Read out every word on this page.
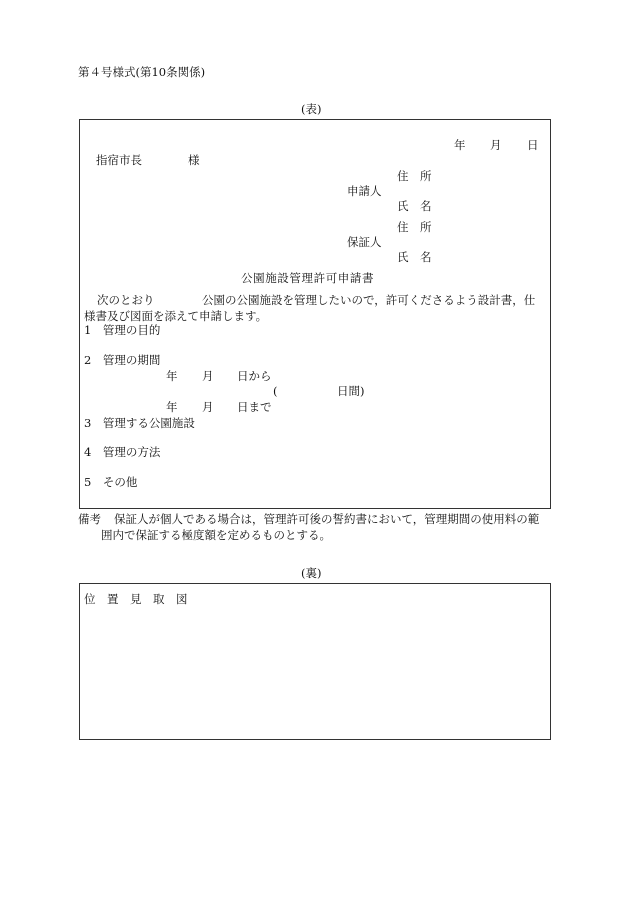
第４号様式(第10条関係)
(表)
年 月 日
指宿市長	様
住　所
申請人
氏　名
住　所
保証人
氏　名
公園施設管理許可申請書
次のとおり	公園の公園施設を管理したいので，許可くださるよう設計書，仕
様書及び図面を添えて申請します。
1　管理の目的
2　管理の期間
年 月 日から
(	日間)
年 月 日まで
3　管理する公園施設
4　管理の方法
5　その他
備考 保証人が個人である場合は，管理許可後の誓約書において，管理期間の使用料の範
囲内で保証する極度額を定めるものとする。
(裏)
位　置　見　取　図
